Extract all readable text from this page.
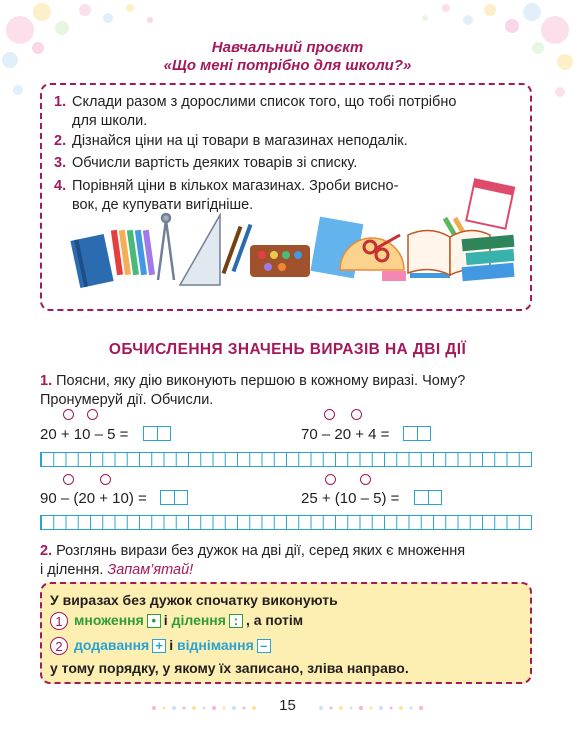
Навчальний проєкт
«Що мені потрібно для школи?»
1. Склади разом з дорослими список того, що тобі потрібно
для школи.
2. Дізнайся ціни на ці товари в магазинах неподалік.
3. Обчисли вартість деяких товарів зі списку.
4. Порівняй ціни в кількох магазинах. Зроби висно-
вок, де купувати вигідніше.
ОБЧИСЛЕННЯ ЗНАЧЕНЬ ВИРАЗІВ НА ДВІ ДІЇ
1. Поясни, яку дію виконують першою в кожному виразі. Чому?
Пронумеруй дії. Обчисли.
20 + 10 – 5 =	70 – 20 + 4 =
90 – (20 + 10) =	25 + (10 – 5) =
2. Розглянь вирази без дужок на дві дії, серед яких є множення
і ділення. Запам’ятай!
У виразах без дужок спочатку виконують
1 множення • і ділення : , а потім
2 додавання + і віднімання –
у тому порядку, у якому їх записано, зліва направо.
15
